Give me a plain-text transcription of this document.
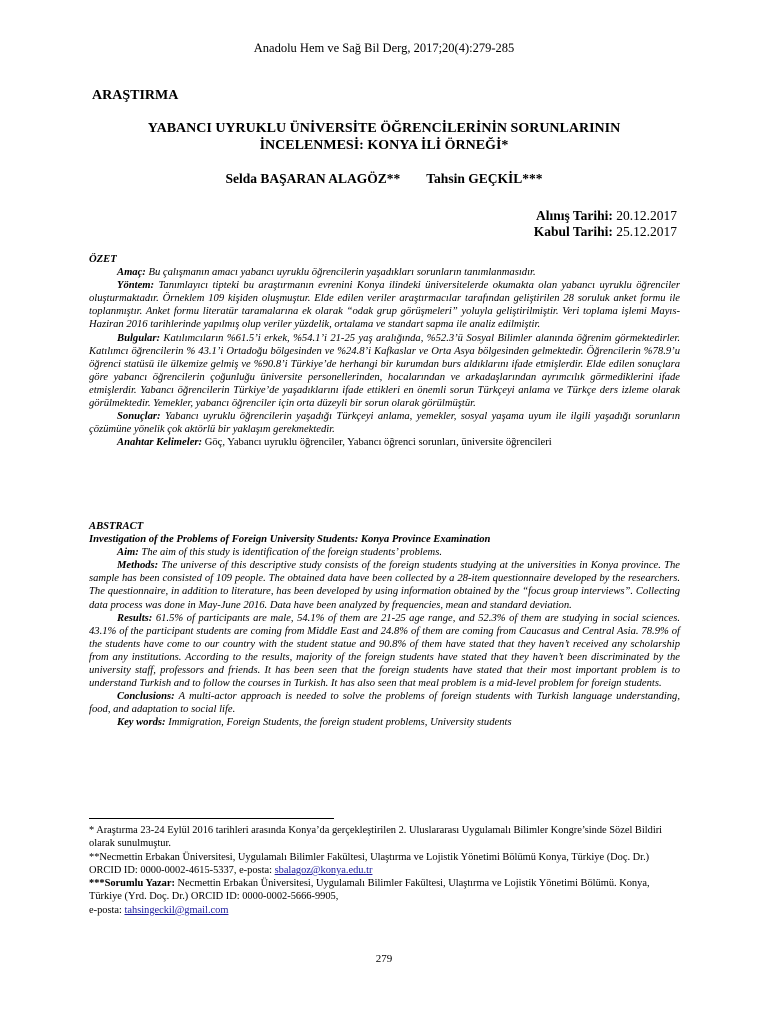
Anadolu Hem ve Sağ Bil Derg, 2017;20(4):279-285
ARAŞTIRMA
YABANCI UYRUKLU ÜNİVERSİTE ÖĞRENCİLERİNİN SORUNLARININ
İNCELENMESİ: KONYA İLİ ÖRNEĞİ*
Selda BAŞARAN ALAGÖZ** Tahsin GEÇKİL***
Alınış Tarihi: 20.12.2017
Kabul Tarihi: 25.12.2017

ÖZET

Amaç: Bu çalışmanın amacı yabancı uyruklu öğrencilerin yaşadıkları sorunların tanımlanmasıdır.

Yöntem: Tanımlayıcı tipteki bu araştırmanın evrenini Konya ilindeki üniversitelerde okumakta olan yabancı uyruklu öğrenciler oluşturmaktadır. Örneklem 109 kişiden oluşmuştur. Elde edilen veriler araştırmacılar tarafından geliştirilen 28 soruluk anket formu ile toplanmıştır. Anket formu literatür taramalarına ek olarak “odak grup görüşmeleri” yoluyla geliştirilmiştir. Veri toplama işlemi Mayıs-Haziran 2016 tarihlerinde yapılmış olup veriler yüzdelik, ortalama ve standart sapma ile analiz edilmiştir.

Bulgular: Katılımcıların %61.5’i erkek, %54.1’i 21-25 yaş aralığında, %52.3’ü Sosyal Bilimler alanında öğrenim görmektedirler. Katılımcı öğrencilerin % 43.1’i Ortadoğu bölgesinden ve %24.8’i Kafkaslar ve Orta Asya bölgesinden gelmektedir. Öğrencilerin %78.9’u öğrenci statüsü ile ülkemize gelmiş ve %90.8’i Türkiye’de herhangi bir kurumdan burs aldıklarını ifade etmişlerdir. Elde edilen sonuçlara göre yabancı öğrencilerin çoğunluğu üniversite personellerinden, hocalarından ve arkadaşlarından ayrımcılık görmediklerini ifade etmişlerdir. Yabancı öğrencilerin Türkiye’de yaşadıklarını ifade ettikleri en önemli sorun Türkçeyi anlama ve Türkçe ders izleme olarak görülmektedir. Yemekler, yabancı öğrenciler için orta düzeyli bir sorun olarak görülmüştür.

Sonuçlar: Yabancı uyruklu öğrencilerin yaşadığı Türkçeyi anlama, yemekler, sosyal yaşama uyum ile ilgili yaşadığı sorunların çözümüne yönelik çok aktörlü bir yaklaşım gerekmektedir.

Anahtar Kelimeler: Göç, Yabancı uyruklu öğrenciler, Yabancı öğrenci sorunları, üniversite öğrencileri

ABSTRACT

Investigation of the Problems of Foreign University Students: Konya Province Examination

Aim: The aim of this study is identification of the foreign students’ problems.

Methods: The universe of this descriptive study consists of the foreign students studying at the universities in Konya province. The sample has been consisted of 109 people. The obtained data have been collected by a 28-item questionnaire developed by the researchers. The questionnaire, in addition to literature, has been developed by using information obtained by the “focus group interviews”. Collecting data process was done in May-June 2016. Data have been analyzed by frequencies, mean and standard deviation.

Results: 61.5% of participants are male, 54.1% of them are 21-25 age range, and 52.3% of them are studying in social sciences. 43.1% of the participant students are coming from Middle East and 24.8% of them are coming from Caucasus and Central Asia. 78.9% of the students have come to our country with the student statue and 90.8% of them have stated that they haven’t received any scholarship from any institutions. According to the results, majority of the foreign students have stated that they haven’t been discriminated by the university staff, professors and friends. It has been seen that the foreign students have stated that their most important problem is to understand Turkish and to follow the courses in Turkish. It has also seen that meal problem is a mid-level problem for foreign students.

Conclusions: A multi-actor approach is needed to solve the problems of foreign students with Turkish language understanding, food, and adaptation to social life.

Key words: Immigration, Foreign Students, the foreign student problems, University students

* Araştırma 23-24 Eylül 2016 tarihleri arasında Konya’da gerçekleştirilen 2. Uluslararası Uygulamalı Bilimler Kongre’sinde Sözel Bildiri olarak sunulmuştur.

**Necmettin Erbakan Üniversitesi, Uygulamalı Bilimler Fakültesi, Ulaştırma ve Lojistik Yönetimi Bölümü Konya, Türkiye (Doç. Dr.) ORCID ID: 0000-0002-4615-5337, e-posta: sbalagoz@konya.edu.tr

***Sorumlu Yazar: Necmettin Erbakan Üniversitesi, Uygulamalı Bilimler Fakültesi, Ulaştırma ve Lojistik Yönetimi Bölümü. Konya, Türkiye (Yrd. Doç. Dr.) ORCID ID: 0000-0002-5666-9905,

e-posta: tahsingeckil@gmail.com

279
